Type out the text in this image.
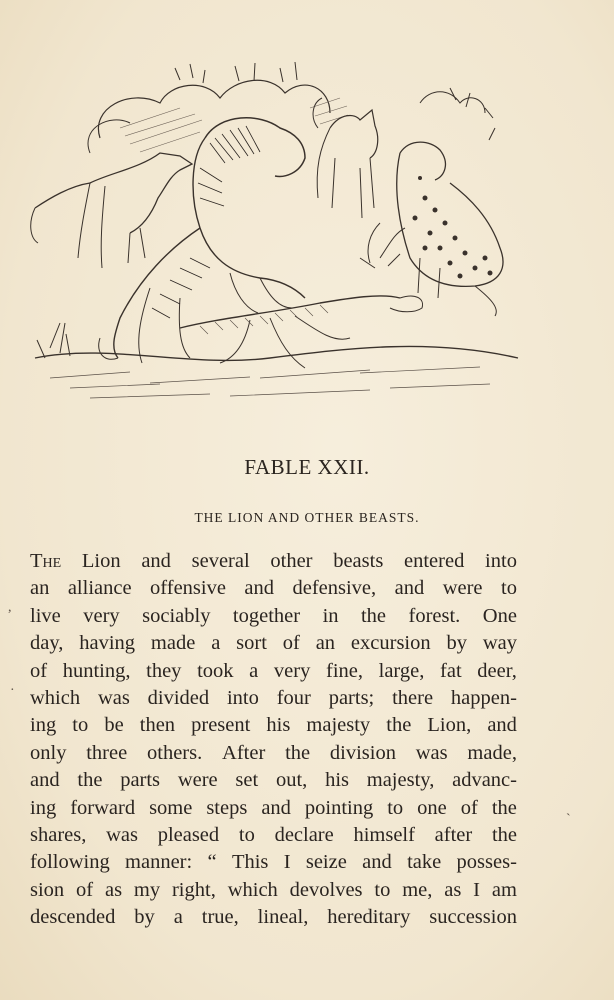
FABLE XXII.
THE LION AND OTHER BEASTS.
The Lion and several other beasts entered into
an alliance offensive and defensive, and were to
live very sociably together in the forest. One
day, having made a sort of an excursion by way
of hunting, they took a very fine, large, fat deer,
which was divided into four parts; there happen-
ing to be then present his majesty the Lion, and
only three others. After the division was made,
and the parts were set out, his majesty, advanc-
ing forward some steps and pointing to one of the
shares, was pleased to declare himself after the
following manner: “ This I seize and take posses-
sion of as my right, which devolves to me, as I am
descended by a true, lineal, hereditary succession
,
·
`
